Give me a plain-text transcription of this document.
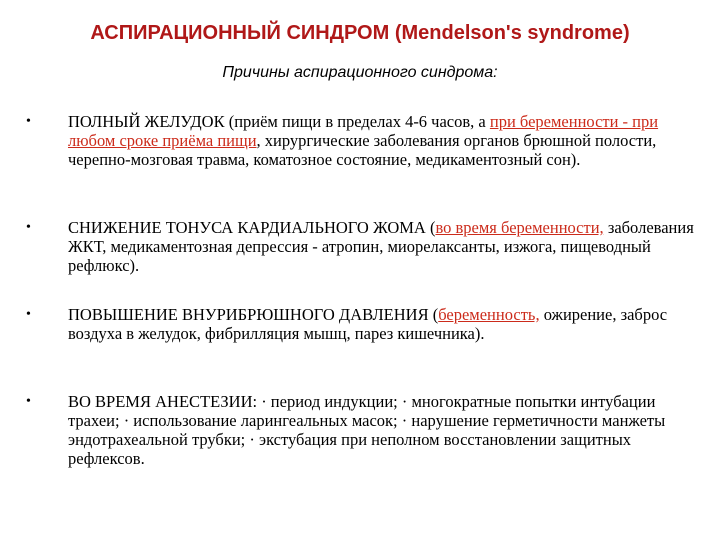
АСПИРАЦИОННЫЙ СИНДРОМ (Mendelson's syndrome)
Причины аспирационного синдрома:
• ПОЛНЫЙ ЖЕЛУДОК (приём пищи в пределах 4-6 часов, а при беременности - при любом сроке приёма пищи, хирургические заболевания органов брюшной полости, черепно-мозговая травма, коматозное состояние, медикаментозный сон).
• СНИЖЕНИЕ ТОНУСА КАРДИАЛЬНОГО ЖОМА (во время беременности, заболевания ЖКТ, медикаментозная депрессия - атропин, миорелаксанты, изжога, пищеводный рефлюкс).
• ПОВЫШЕНИЕ ВНУРИБРЮШНОГО ДАВЛЕНИЯ (беременность, ожирение, заброс воздуха в желудок, фибрилляция мышц, парез кишечника).
• ВО ВРЕМЯ АНЕСТЕЗИИ: · период индукции; · многократные попытки интубации трахеи; · использование ларингеальных масок; · нарушение герметичности манжеты эндотрахеальной трубки; · экстубация при неполном восстановлении защитных рефлексов.
